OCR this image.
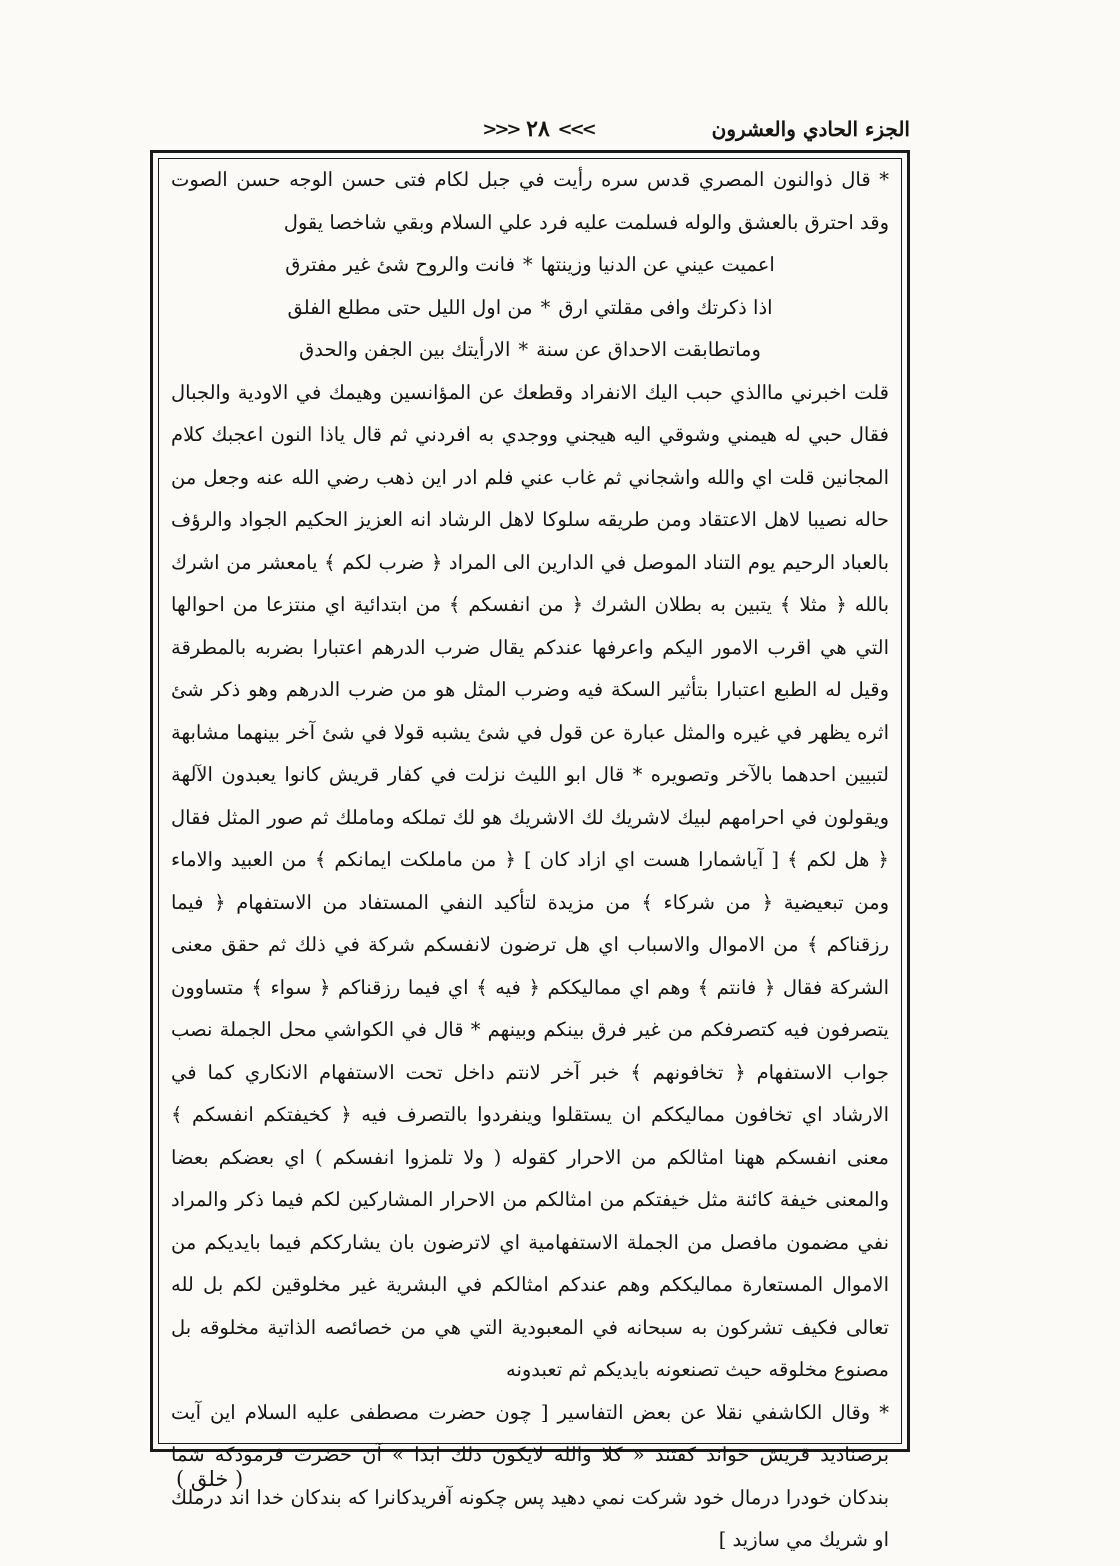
الجزء الحادي والعشرون
>>> ٢٨ <<<

* قال ذوالنون المصري قدس سره رأيت في جبل لكام فتى حسن الوجه حسن الصوت وقد احترق بالعشق والوله فسلمت عليه فرد علي السلام وبقي شاخصا يقول

اعميت عيني عن الدنيا وزينتها
*
فانت والروح شئ غير مفترق
اذا ذكرتك وافى مقلتي ارق
*
من اول الليل حتى مطلع الفلق
وماتطابقت الاحداق عن سنة
*
الارأيتك بين الجفن والحدق

قلت اخبرني ماالذي حبب اليك الانفراد وقطعك عن المؤانسين وهيمك في الاودية والجبال فقال حبي له هيمني وشوقي اليه هيجني ووجدي به افردني ثم قال ياذا النون اعجبك كلام المجانين قلت اي والله واشجاني ثم غاب عني فلم ادر اين ذهب رضي الله عنه وجعل من حاله نصيبا لاهل الاعتقاد ومن طريقه سلوكا لاهل الرشاد انه العزيز الحكيم الجواد والرؤف بالعباد الرحيم يوم التناد الموصل في الدارين الى المراد ﴿ ضرب لكم ﴾ يامعشر من اشرك بالله ﴿ مثلا ﴾ يتبين به بطلان الشرك ﴿ من انفسكم ﴾ من ابتدائية اي منتزعا من احوالها التي هي اقرب الامور اليكم واعرفها عندكم يقال ضرب الدرهم اعتبارا بضربه بالمطرقة وقيل له الطبع اعتبارا بتأثير السكة فيه وضرب المثل هو من ضرب الدرهم وهو ذكر شئ اثره يظهر في غيره والمثل عبارة عن قول في شئ يشبه قولا في شئ آخر بينهما مشابهة لتبيين احدهما بالآخر وتصويره * قال ابو الليث نزلت في كفار قريش كانوا يعبدون الآلهة ويقولون في احرامهم لبيك لاشريك لك الاشريك هو لك تملكه وماملك ثم صور المثل فقال ﴿ هل لكم ﴾ [ آياشمارا هست اي ازاد كان ] ﴿ من ماملكت ايمانكم ﴾ من العبيد والاماء ومن تبعيضية ﴿ من شركاء ﴾ من مزيدة لتأكيد النفي المستفاد من الاستفهام ﴿ فيما رزقناكم ﴾ من الاموال والاسباب اي هل ترضون لانفسكم شركة في ذلك ثم حقق معنى الشركة فقال ﴿ فانتم ﴾ وهم اي مماليككم ﴿ فيه ﴾ اي فيما رزقناكم ﴿ سواء ﴾ متساوون يتصرفون فيه كتصرفكم من غير فرق بينكم وبينهم * قال في الكواشي محل الجملة نصب جواب الاستفهام ﴿ تخافونهم ﴾ خبر آخر لانتم داخل تحت الاستفهام الانكاري كما في الارشاد اي تخافون مماليككم ان يستقلوا وينفردوا بالتصرف فيه ﴿ كخيفتكم انفسكم ﴾ معنى انفسكم ههنا امثالكم من الاحرار كقوله ( ولا تلمزوا انفسكم ) اي بعضكم بعضا والمعنى خيفة كائنة مثل خيفتكم من امثالكم من الاحرار المشاركين لكم فيما ذكر والمراد نفي مضمون مافصل من الجملة الاستفهامية اي لاترضون بان يشارككم فيما بايديكم من الاموال المستعارة مماليككم وهم عندكم امثالكم في البشرية غير مخلوقين لكم بل لله تعالى فكيف تشركون به سبحانه في المعبودية التي هي من خصائصه الذاتية مخلوقه بل مصنوع مخلوقه حيث تصنعونه بايديكم ثم تعبدونه

* وقال الكاشفي نقلا عن بعض التفاسير [ چون حضرت مصطفى عليه السلام اين آيت برصناديد قريش خواند كفتند « كلا والله لايكون ذلك ابدا » آن حضرت فرمودكه شما بندكان خودرا درمال خود شركت نمي دهيد پس چكونه آفريدكانرا كه بندكان خدا اند درملك او شريك مي سازيد ]

( خلق )
